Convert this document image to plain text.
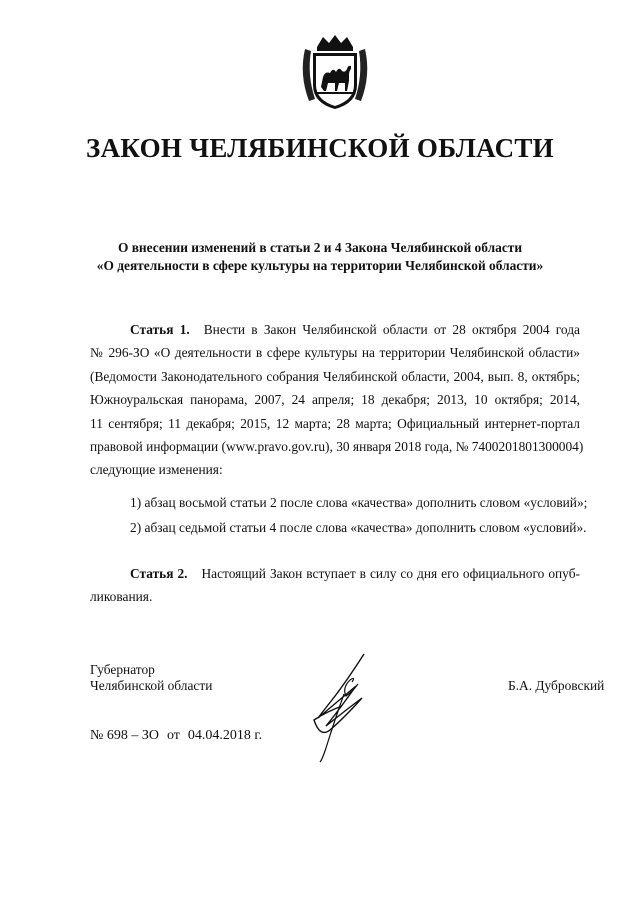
ЗАКОН ЧЕЛЯБИНСКОЙ ОБЛАСТИ
О внесении изменений в статьи 2 и 4 Закона Челябинской области
«О деятельности в сфере культуры на территории Челябинской области»
Статья 1. Внести в Закон Челябинской области от 28 октября 2004 года
№ 296-ЗО «О деятельности в сфере культуры на территории Челябинской области»
(Ведомости Законодательного собрания Челябинской области, 2004, вып. 8, октябрь;
Южноуральская панорама, 2007, 24 апреля; 18 декабря; 2013, 10 октября; 2014,
11 сентября; 11 декабря; 2015, 12 марта; 28 марта; Официальный интернет-портал
правовой информации (www.pravo.gov.ru), 30 января 2018 года, № 7400201801300004)
следующие изменения:
1) абзац восьмой статьи 2 после слова «качества» дополнить словом «условий»;
2) абзац седьмой статьи 4 после слова «качества» дополнить словом «условий».
Статья 2. Настоящий Закон вступает в силу со дня его официального опуб-
ликования.
Губернатор
Челябинской области	Б.А. Дубровский
№ 698 – ЗО от 04.04.2018 г.
